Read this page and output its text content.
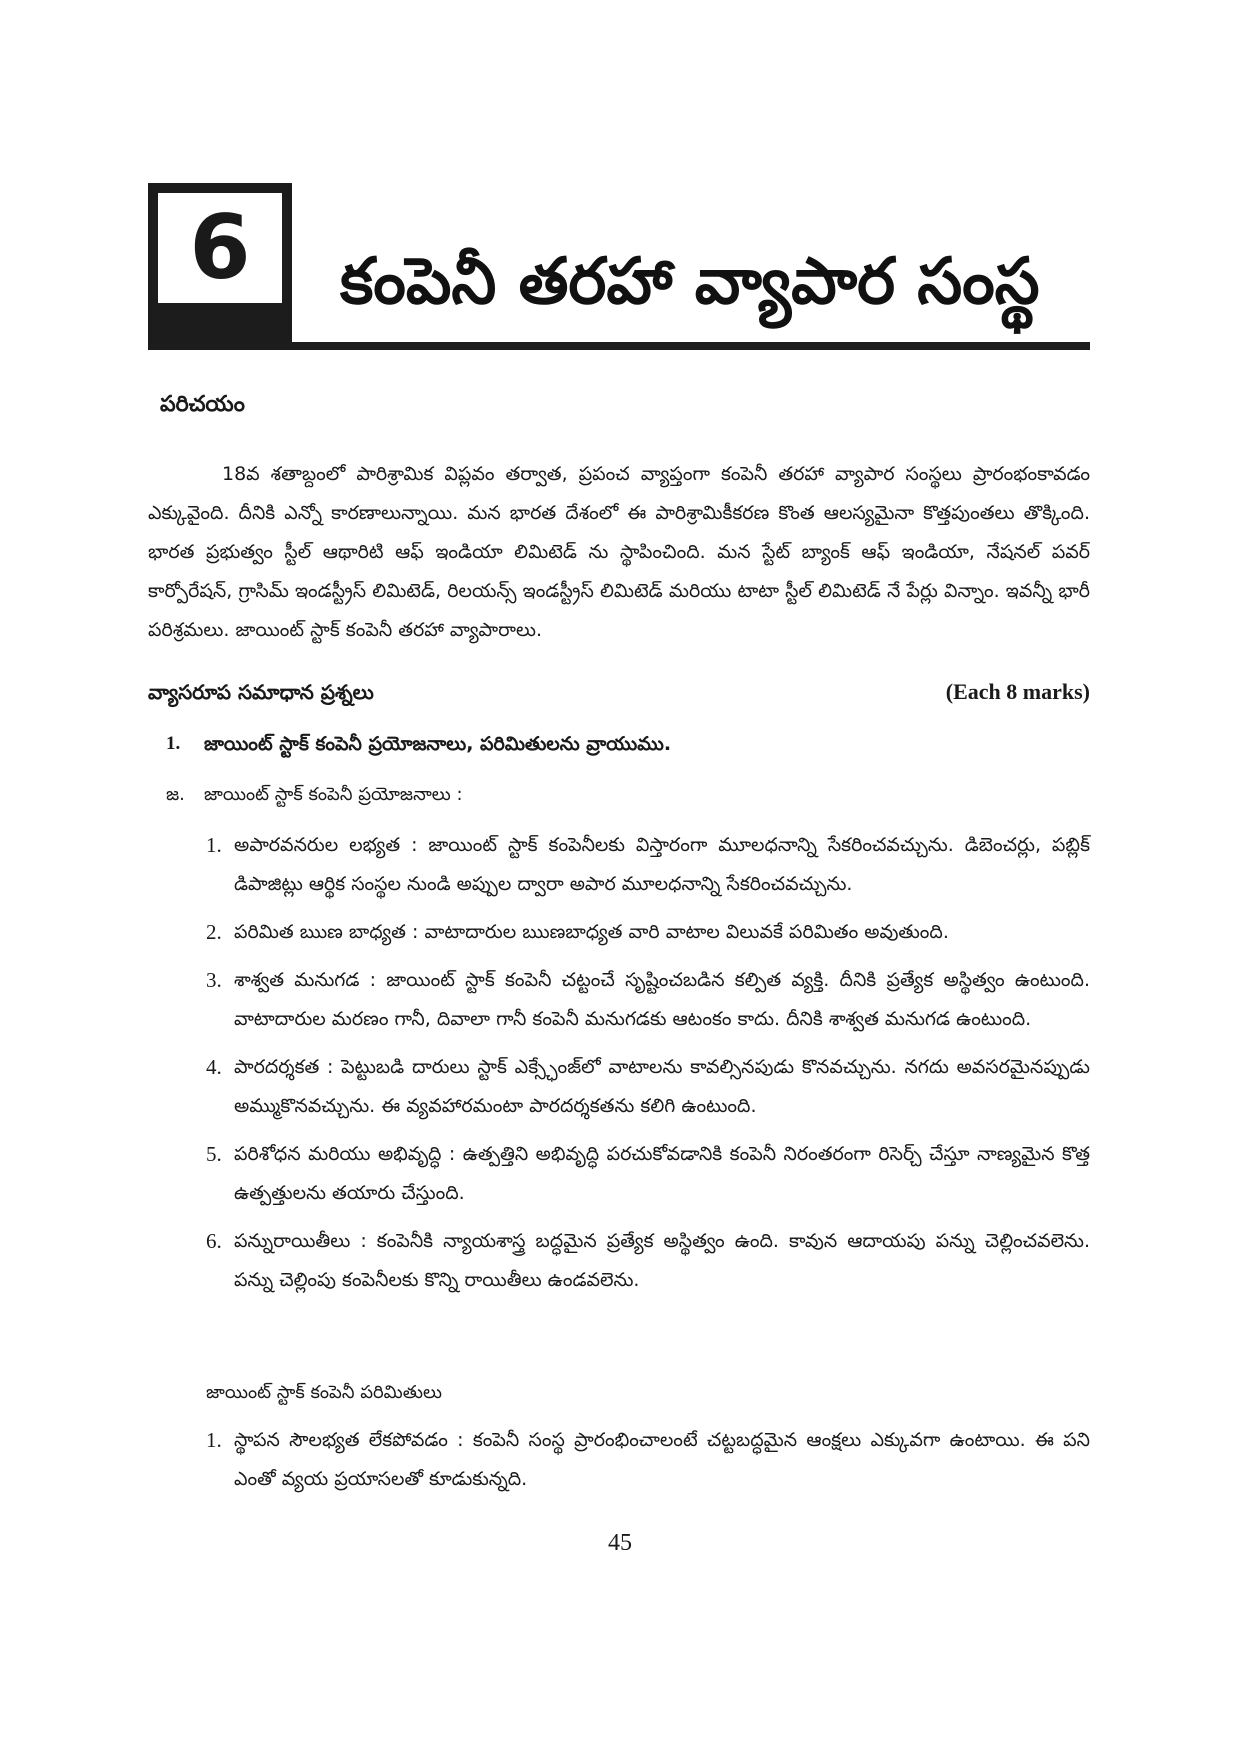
6 కంపెనీ తరహా వ్యాపార సంస్థ
పరిచయం

18వ శతాబ్దంలో పారిశ్రామిక విప్లవం తర్వాత, ప్రపంచ వ్యాప్తంగా కంపెనీ తరహా వ్యాపార సంస్థలు ప్రారంభంకావడం ఎక్కువైంది. దీనికి ఎన్నో కారణాలున్నాయి. మన భారత దేశంలో ఈ పారిశ్రామికీకరణ కొంత ఆలస్యమైనా కొత్తపుంతలు తొక్కింది. భారత ప్రభుత్వం స్టీల్ ఆథారిటి ఆఫ్ ఇండియా లిమిటెడ్ ను స్థాపించింది. మన స్టేట్ బ్యాంక్ ఆఫ్ ఇండియా, నేషనల్ పవర్ కార్పోరేషన్, గ్రాసిమ్ ఇండస్ట్రీస్ లిమిటెడ్, రిలయన్స్ ఇండస్ట్రీస్ లిమిటెడ్ మరియు టాటా స్టీల్ లిమిటెడ్ నే పేర్లు విన్నాం. ఇవన్నీ భారీ పరిశ్రమలు. జాయింట్ స్టాక్ కంపెనీ తరహా వ్యాపారాలు.

వ్యాసరూప సమాధాన ప్రశ్నలు	(Each 8 marks)
1.	జాయింట్ స్టాక్ కంపెనీ ప్రయోజనాలు, పరిమితులను వ్రాయుము.
జ.	జాయింట్ స్టాక్ కంపెనీ ప్రయోజనాలు :
1. అపారవనరుల లభ్యత : జాయింట్ స్టాక్ కంపెనీలకు విస్తారంగా మూలధనాన్ని సేకరించవచ్చును. డిబెంచర్లు, పబ్లిక్ డిపాజిట్లు ఆర్థిక సంస్థల నుండి అప్పుల ద్వారా అపార మూలధనాన్ని సేకరించవచ్చును.
2. పరిమిత ఋణ బాధ్యత : వాటాదారుల ఋణబాధ్యత వారి వాటాల విలువకే పరిమితం అవుతుంది.
3. శాశ్వత మనుగడ : జాయింట్ స్టాక్ కంపెనీ చట్టంచే సృష్టించబడిన కల్పిత వ్యక్తి. దీనికి ప్రత్యేక అస్థిత్వం ఉంటుంది. వాటాదారుల మరణం గానీ, దివాలా గానీ కంపెనీ మనుగడకు ఆటంకం కాదు. దీనికి శాశ్వత మనుగడ ఉంటుంది.
4. పారదర్శకత : పెట్టుబడి దారులు స్టాక్ ఎక్స్ఛేంజ్‌లో వాటాలను కావల్సినపుడు కొనవచ్చును. నగదు అవసరమైనప్పుడు అమ్ముకొనవచ్చును. ఈ వ్యవహారమంటా పారదర్శకతను కలిగి ఉంటుంది.
5. పరిశోధన మరియు అభివృద్ధి : ఉత్పత్తిని అభివృద్ధి పరచుకోవడానికి కంపెనీ నిరంతరంగా రిసెర్చ్ చేస్తూ నాణ్యమైన కొత్త ఉత్పత్తులను తయారు చేస్తుంది.
6. పన్నురాయితీలు : కంపెనీకి న్యాయశాస్త్ర బద్ధమైన ప్రత్యేక అస్థిత్వం ఉంది. కావున ఆదాయపు పన్ను చెల్లించవలెను. పన్ను చెల్లింపు కంపెనీలకు కొన్ని రాయితీలు ఉండవలెను.
జాయింట్ స్టాక్ కంపెనీ పరిమితులు
1. స్థాపన సౌలభ్యత లేకపోవడం : కంపెనీ సంస్థ ప్రారంభించాలంటే చట్టబద్ధమైన ఆంక్షలు ఎక్కువగా ఉంటాయి. ఈ పని ఎంతో వ్యయ ప్రయాసలతో కూడుకున్నది.
45
